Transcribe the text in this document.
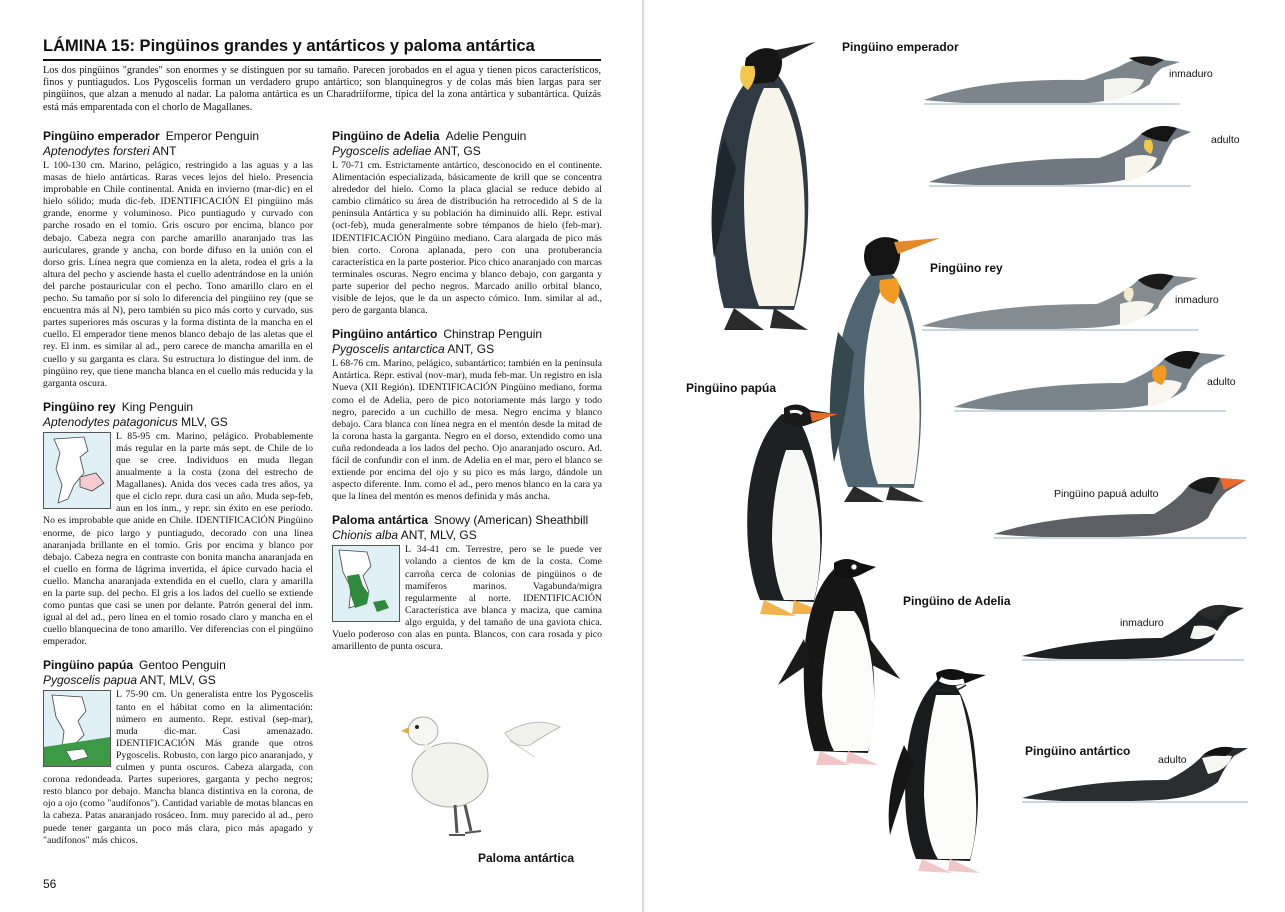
LÁMINA 15: Pingüinos grandes y antárticos y paloma antártica
Los dos pingüinos "grandes" son enormes y se distinguen por su tamaño. Parecen jorobados en el agua y tienen picos característicos, finos y puntiagudos. Los Pygoscelis forman un verdadero grupo antártico; son blanquinegros y de colas más bien largas para ser pingüinos, que alzan a menudo al nadar. La paloma antártica es un Charadriiforme, típica del la zona antártica y subantártica. Quizás está más emparentada con el chorlo de Magallanes.
Pingüino emperador Emperor Penguin
Aptenodytes forsteri ANT
L 100-130 cm. Marino, pelágico, restringido a las aguas y a las masas de hielo antárticas. Raras veces lejos del hielo. Presencia improbable en Chile continental. Anida en invierno (mar-dic) en el hielo sólido; muda dic-feb. IDENTIFICACIÓN El pingüino más grande, enorme y voluminoso. Pico puntiagudo y curvado con parche rosado en el tomio. Gris oscuro por encima, blanco por debajo. Cabeza negra con parche amarillo anaranjado tras las auriculares, grande y ancha, con borde difuso en la unión con el dorso gris. Línea negra que comienza en la aleta, rodea el gris a la altura del pecho y asciende hasta el cuello adentrándose en la unión del parche postauricular con el pecho. Tono amarillo claro en el pecho. Su tamaño por sí solo lo diferencia del pingüino rey (que se encuentra más al N), pero también su pico más corto y curvado, sus partes superiores más oscuras y la forma distinta de la mancha en el cuello. El emperador tiene menos blanco debajo de las aletas que el rey. El inm. es similar al ad., pero carece de mancha amarilla en el cuello y su garganta es clara. Su estructura lo distingue del inm. de pingüino rey, que tiene mancha blanca en el cuello más reducida y la garganta oscura.
Pingüino rey King Penguin
Aptenodytes patagonicus MLV, GS
L 85-95 cm. Marino, pelágico. Probablemente más regular en la parte más sept. de Chile de lo que se cree. Individuos en muda llegan anualmente a la costa (zona del estrecho de Magallanes). Anida dos veces cada tres años, ya que el ciclo repr. dura casi un año. Muda sep-feb, aun en los inm., y repr. sin éxito en ese período. No es improbable que anide en Chile. IDENTIFICACIÓN Pingüino enorme, de pico largo y puntiagudo, decorado con una línea anaranjada brillante en el tomio. Gris por encima y blanco por debajo. Cabeza negra en contraste con bonita mancha anaranjada en el cuello en forma de lágrima invertida, el ápice curvado hacia el cuello. Mancha anaranjada extendida en el cuello, clara y amarilla en la parte sup. del pecho. El gris a los lados del cuello se extiende como puntas que casi se unen por delante. Patrón general del inm. igual al del ad., pero línea en el tomio rosado claro y mancha en el cuello blanquecina de tono amarillo. Ver diferencias con el pingüino emperador.
Pingüino papúa Gentoo Penguin
Pygoscelis papua ANT, MLV, GS
L 75-90 cm. Un generalista entre los Pygoscelis tanto en el hábitat como en la alimentación: número en aumento. Repr. estival (sep-mar), muda dic-mar. Casi amenazado. IDENTIFICACIÓN Más grande que otros Pygoscelis. Robusto, con largo pico anaranjado, y culmen y punta oscuros. Cabeza alargada, con corona redondeada. Partes superiores, garganta y pecho negros; resto blanco por debajo. Mancha blanca distintiva en la corona, de ojo a ojo (como "audífonos"). Cantidad variable de motas blancas en la cabeza. Patas anaranjado rosáceo. Inm. muy parecido al ad., pero puede tener garganta un poco más clara, pico más apagado y "audífonos" más chicos.
Pingüino de Adelia Adelie Penguin
Pygoscelis adeliae ANT, GS
L 70-71 cm. Estrictamente antártico, desconocido en el continente. Alimentación especializada, básicamente de krill que se concentra alrededor del hielo. Como la placa glacial se reduce debido al cambio climático su área de distribución ha retrocedido al S de la península Antártica y su población ha diminuido allí. Repr. estival (oct-feb), muda generalmente sobre témpanos de hielo (feb-mar). IDENTIFICACIÓN Pingüino mediano. Cara alargada de pico más bien corto. Corona aplanada, pero con una protuberancia característica en la parte posterior. Pico chico anaranjado con marcas terminales oscuras. Negro encima y blanco debajo, con garganta y parte superior del pecho negros. Marcado anillo orbital blanco, visible de lejos, que le da un aspecto cómico. Inm. similar al ad., pero de garganta blanca.
Pingüino antártico Chinstrap Penguin
Pygoscelis antarctica ANT, GS
L 68-76 cm. Marino, pelágico, subantártico; también en la península Antártica. Repr. estival (nov-mar), muda feb-mar. Un registro en isla Nueva (XII Región). IDENTIFICACIÓN Pingüino mediano, forma como el de Adelia, pero de pico notoriamente más largo y todo negro, parecido a un cuchillo de mesa. Negro encima y blanco debajo. Cara blanca con línea negra en el mentón desde la mitad de la corona hasta la garganta. Negro en el dorso, extendido como una cuña redondeada a los lados del pecho. Ojo anaranjado oscuro. Ad. fácil de confundir con el inm. de Adelia en el mar, pero el blanco se extiende por encima del ojo y su pico es más largo, dándole un aspecto diferente. Inm. como el ad., pero menos blanco en la cara ya que la línea del mentón es menos definida y más ancha.
Paloma antártica Snowy (American) Sheathbill
Chionis alba ANT, MLV, GS
L 34-41 cm. Terrestre, pero se le puede ver volando a cientos de km de la costa. Come carroña cerca de colonias de pingüinos o de mamíferos marinos. Vagabunda/migra regularmente al norte. IDENTIFICACIÓN Característica ave blanca y maciza, que camina algo erguida, y del tamaño de una gaviota chica. Vuelo poderoso con alas en punta. Blancos, con cara rosada y pico amarillento de punta oscura.
Paloma antártica
56
Pingüino emperador
inmaduro
adulto
Pingüino rey
inmaduro
adulto
Pingüino papúa
Pingüino papuá adulto
Pingüino de Adelia
inmaduro
Pingüino antártico
adulto
